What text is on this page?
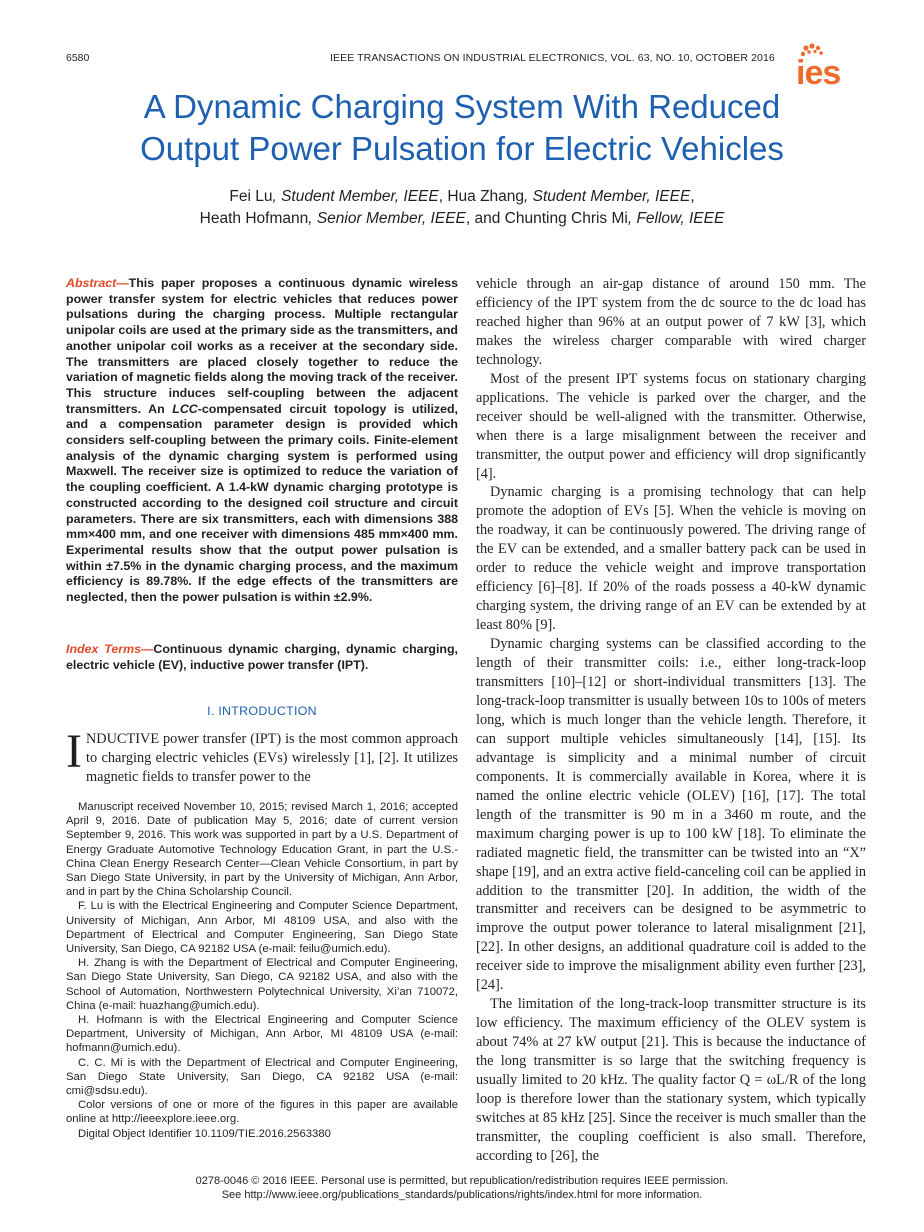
6580	IEEE TRANSACTIONS ON INDUSTRIAL ELECTRONICS, VOL. 63, NO. 10, OCTOBER 2016 ies
A Dynamic Charging System With Reduced
Output Power Pulsation for Electric Vehicles
Fei Lu, Student Member, IEEE, Hua Zhang, Student Member, IEEE,
Heath Hofmann, Senior Member, IEEE, and Chunting Chris Mi, Fellow, IEEE
Abstract—This paper proposes a continuous dynamic wireless power transfer system for electric vehicles that reduces power pulsations during the charging process. Multiple rectangular unipolar coils are used at the primary side as the transmitters, and another unipolar coil works as a receiver at the secondary side. The transmitters are placed closely together to reduce the variation of magnetic fields along the moving track of the receiver. This structure induces self-coupling between the adjacent transmitters. An LCC-compensated circuit topology is utilized, and a compensation parameter design is provided which considers self-coupling between the primary coils. Finite-element analysis of the dynamic charging system is performed using Maxwell. The receiver size is optimized to reduce the variation of the coupling coefficient. A 1.4-kW dynamic charging prototype is constructed according to the designed coil structure and circuit parameters. There are six transmitters, each with dimensions 388 mm×400 mm, and one receiver with dimensions 485 mm×400 mm. Experimental results show that the output power pulsation is within ±7.5% in the dynamic charging process, and the maximum efficiency is 89.78%. If the edge effects of the transmitters are neglected, then the power pulsation is within ±2.9%.
Index Terms—Continuous dynamic charging, dynamic charging, electric vehicle (EV), inductive power transfer (IPT).
I. INTRODUCTION
INDUCTIVE power transfer (IPT) is the most common approach to charging electric vehicles (EVs) wirelessly [1], [2]. It utilizes magnetic fields to transfer power to the

Manuscript received November 10, 2015; revised March 1, 2016; accepted April 9, 2016. Date of publication May 5, 2016; date of current version September 9, 2016. This work was supported in part by a U.S. Department of Energy Graduate Automotive Technology Education Grant, in part the U.S.-China Clean Energy Research Center—Clean Vehicle Consortium, in part by San Diego State University, in part by the University of Michigan, Ann Arbor, and in part by the China Scholarship Council.

F. Lu is with the Electrical Engineering and Computer Science Department, University of Michigan, Ann Arbor, MI 48109 USA, and also with the Department of Electrical and Computer Engineering, San Diego State University, San Diego, CA 92182 USA (e-mail: feilu@umich.edu).

H. Zhang is with the Department of Electrical and Computer Engineering, San Diego State University, San Diego, CA 92182 USA, and also with the School of Automation, Northwestern Polytechnical University, Xi’an 710072, China (e-mail: huazhang@umich.edu).

H. Hofmann is with the Electrical Engineering and Computer Science Department, University of Michigan, Ann Arbor, MI 48109 USA (e-mail: hofmann@umich.edu).

C. C. Mi is with the Department of Electrical and Computer Engineering, San Diego State University, San Diego, CA 92182 USA (e-mail: cmi@sdsu.edu).

Color versions of one or more of the figures in this paper are available online at http://ieeexplore.ieee.org.

Digital Object Identifier 10.1109/TIE.2016.2563380

vehicle through an air-gap distance of around 150 mm. The efficiency of the IPT system from the dc source to the dc load has reached higher than 96% at an output power of 7 kW [3], which makes the wireless charger comparable with wired charger technology.

Most of the present IPT systems focus on stationary charging applications. The vehicle is parked over the charger, and the receiver should be well-aligned with the transmitter. Otherwise, when there is a large misalignment between the receiver and transmitter, the output power and efficiency will drop significantly [4].

Dynamic charging is a promising technology that can help promote the adoption of EVs [5]. When the vehicle is moving on the roadway, it can be continuously powered. The driving range of the EV can be extended, and a smaller battery pack can be used in order to reduce the vehicle weight and improve transportation efficiency [6]–[8]. If 20% of the roads possess a 40-kW dynamic charging system, the driving range of an EV can be extended by at least 80% [9].

Dynamic charging systems can be classified according to the length of their transmitter coils: i.e., either long-track-loop transmitters [10]–[12] or short-individual transmitters [13]. The long-track-loop transmitter is usually between 10s to 100s of meters long, which is much longer than the vehicle length. Therefore, it can support multiple vehicles simultaneously [14], [15]. Its advantage is simplicity and a minimal number of circuit components. It is commercially available in Korea, where it is named the online electric vehicle (OLEV) [16], [17]. The total length of the transmitter is 90 m in a 3460 m route, and the maximum charging power is up to 100 kW [18]. To eliminate the radiated magnetic field, the transmitter can be twisted into an “X” shape [19], and an extra active field-canceling coil can be applied in addition to the transmitter [20]. In addition, the width of the transmitter and receivers can be designed to be asymmetric to improve the output power tolerance to lateral misalignment [21], [22]. In other designs, an additional quadrature coil is added to the receiver side to improve the misalignment ability even further [23], [24].

The limitation of the long-track-loop transmitter structure is its low efficiency. The maximum efficiency of the OLEV system is about 74% at 27 kW output [21]. This is because the inductance of the long transmitter is so large that the switching frequency is usually limited to 20 kHz. The quality factor Q = ωL/R of the long loop is therefore lower than the stationary system, which typically switches at 85 kHz [25]. Since the receiver is much smaller than the transmitter, the coupling coefficient is also small. Therefore, according to [26], the

0278-0046 © 2016 IEEE. Personal use is permitted, but republication/redistribution requires IEEE permission.
See http://www.ieee.org/publications_standards/publications/rights/index.html for more information.
